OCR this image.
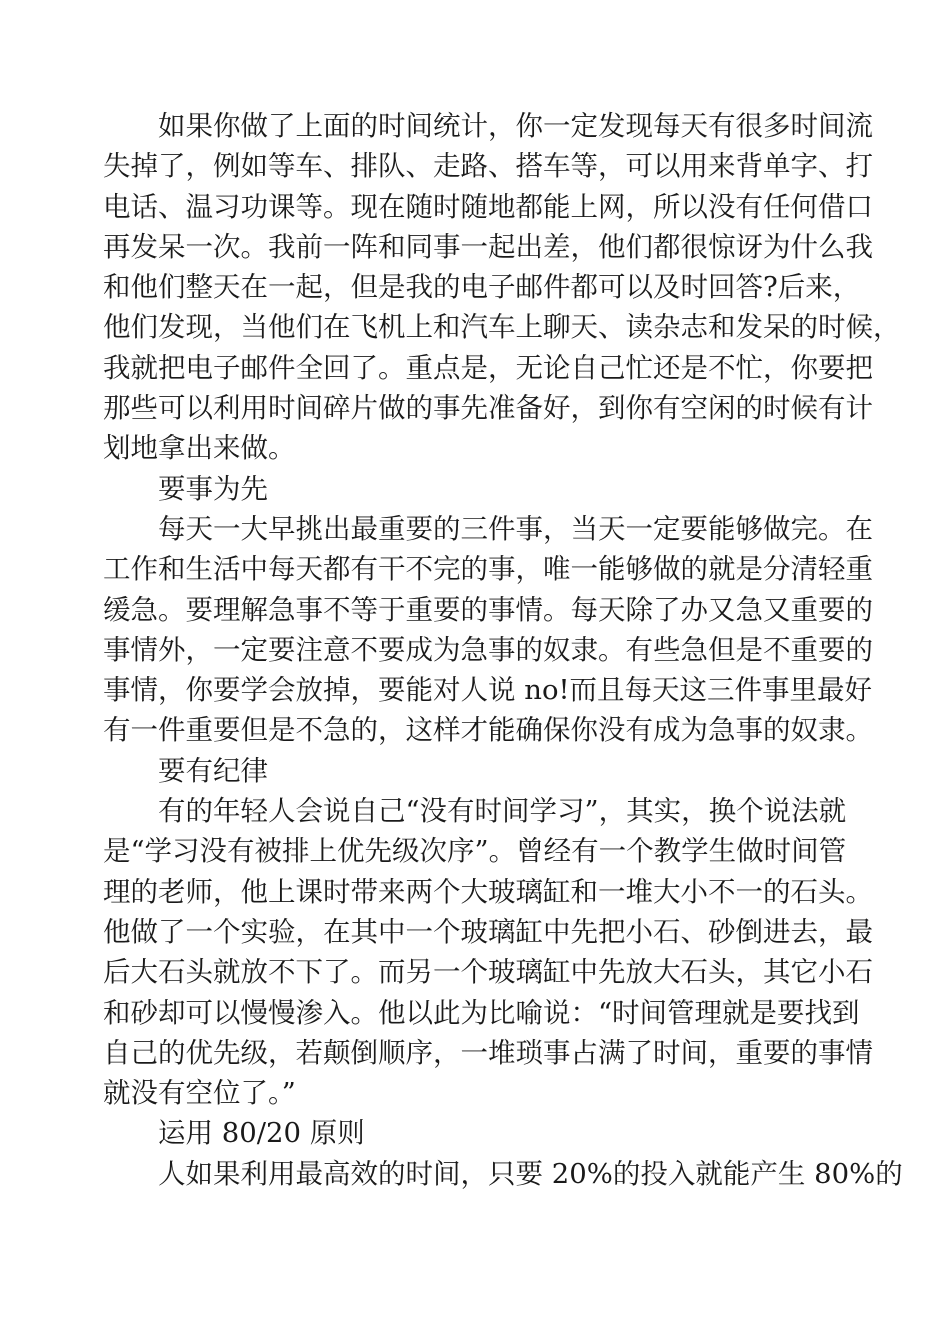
如果你做了上面的时间统计，你一定发现每天有很多时间流
失掉了，例如等车、排队、走路、搭车等，可以用来背单字、打
电话、温习功课等。现在随时随地都能上网，所以没有任何借口
再发呆一次。我前一阵和同事一起出差，他们都很惊讶为什么我
和他们整天在一起，但是我的电子邮件都可以及时回答?后来，
他们发现，当他们在飞机上和汽车上聊天、读杂志和发呆的时候，
我就把电子邮件全回了。重点是，无论自己忙还是不忙，你要把
那些可以利用时间碎片做的事先准备好，到你有空闲的时候有计
划地拿出来做。
要事为先
每天一大早挑出最重要的三件事，当天一定要能够做完。在
工作和生活中每天都有干不完的事，唯一能够做的就是分清轻重
缓急。要理解急事不等于重要的事情。每天除了办又急又重要的
事情外，一定要注意不要成为急事的奴隶。有些急但是不重要的
事情，你要学会放掉，要能对人说 no!而且每天这三件事里最好
有一件重要但是不急的，这样才能确保你没有成为急事的奴隶。
要有纪律
有的年轻人会说自己“没有时间学习”，其实，换个说法就
是“学习没有被排上优先级次序”。曾经有一个教学生做时间管
理的老师，他上课时带来两个大玻璃缸和一堆大小不一的石头。
他做了一个实验，在其中一个玻璃缸中先把小石、砂倒进去，最
后大石头就放不下了。而另一个玻璃缸中先放大石头，其它小石
和砂却可以慢慢渗入。他以此为比喻说：“时间管理就是要找到
自己的优先级，若颠倒顺序，一堆琐事占满了时间，重要的事情
就没有空位了。”
运用 80/20 原则
人如果利用最高效的时间，只要 20%的投入就能产生 80%的
